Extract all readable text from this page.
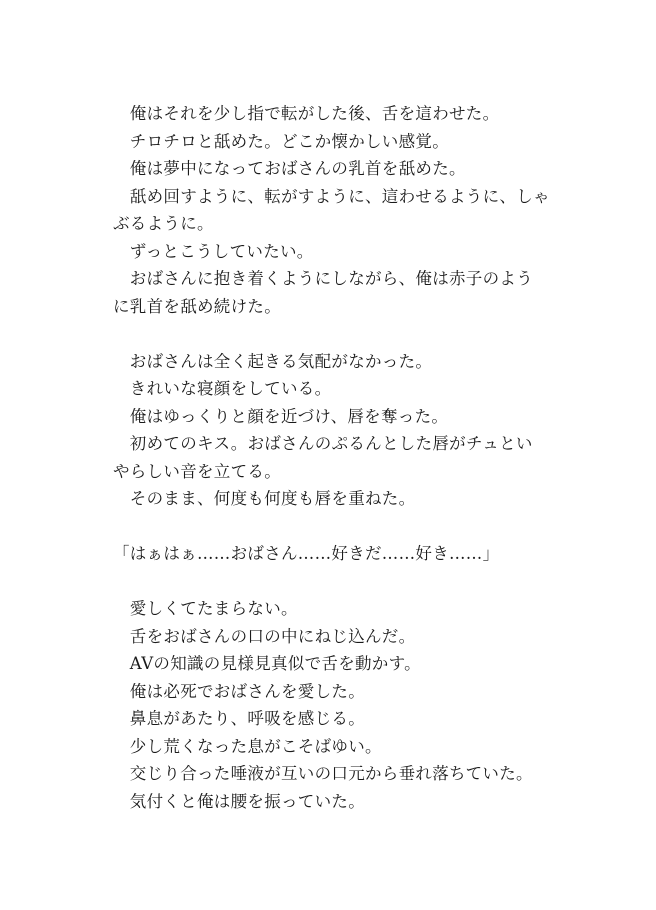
　俺はそれを少し指で転がした後、舌を這わせた。
　チロチロと舐めた。どこか懐かしい感覚。
　俺は夢中になっておばさんの乳首を舐めた。
　舐め回すように、転がすように、這わせるように、しゃ
ぶるように。
　ずっとこうしていたい。
　おばさんに抱き着くようにしながら、俺は赤子のよう
に乳首を舐め続けた。
　おばさんは全く起きる気配がなかった。
　きれいな寝顔をしている。
　俺はゆっくりと顔を近づけ、唇を奪った。
　初めてのキス。おばさんのぷるんとした唇がチュとい
やらしい音を立てる。
　そのまま、何度も何度も唇を重ねた。
「はぁはぁ……おばさん……好きだ……好き……」
　愛しくてたまらない。
　舌をおばさんの口の中にねじ込んだ。
　AVの知識の見様見真似で舌を動かす。
　俺は必死でおばさんを愛した。
　鼻息があたり、呼吸を感じる。
　少し荒くなった息がこそばゆい。
　交じり合った唾液が互いの口元から垂れ落ちていた。
　気付くと俺は腰を振っていた。
